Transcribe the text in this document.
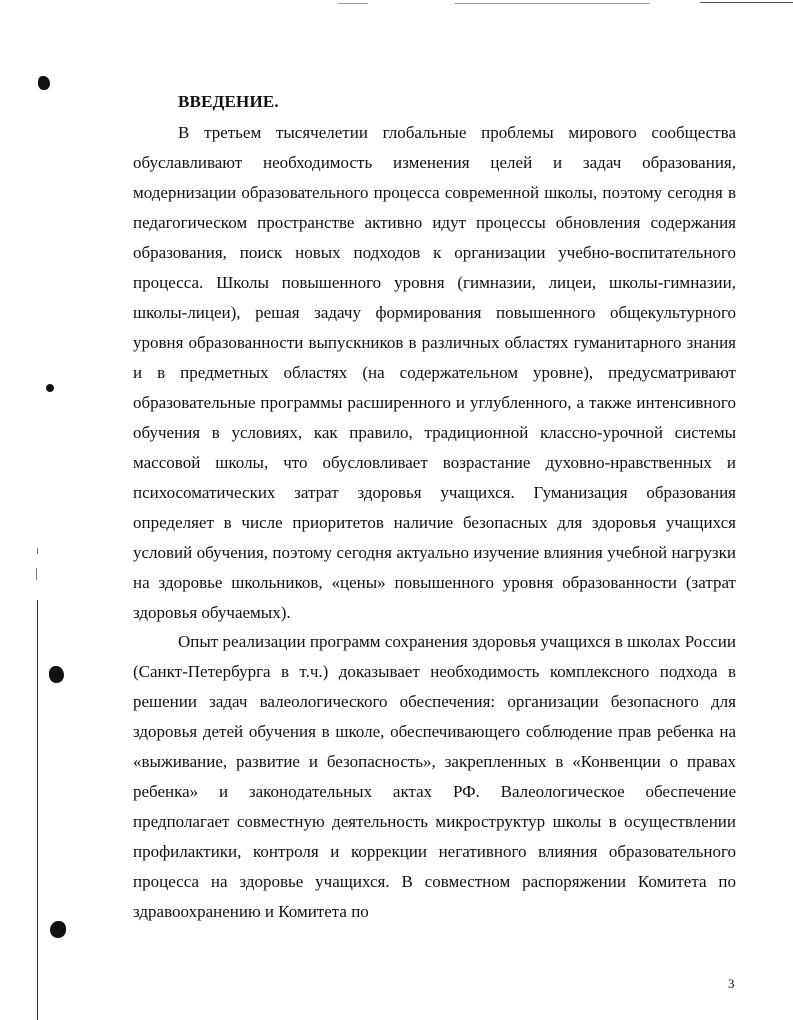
ВВЕДЕНИЕ.

В третьем тысячелетии глобальные проблемы мирового сообщества обуславливают необходимость изменения целей и задач образования, модернизации образовательного процесса современной школы, поэтому сегодня в педагогическом пространстве активно идут процессы обновления содержания образования, поиск новых подходов к организации учебно-воспитательного процесса. Школы повышенного уровня (гимназии, лицеи, школы-гимназии, школы-лицеи), решая задачу формирования повышенного общекультурного уровня образованности выпускников в различных областях гуманитарного знания и в предметных областях (на содержательном уровне), предусматривают образовательные программы расширенного и углубленного, а также интенсивного обучения в условиях, как правило, традиционной классно-урочной системы массовой школы, что обусловливает возрастание духовно-нравственных и психосоматических затрат здоровья учащихся. Гуманизация образования определяет в числе приоритетов наличие безопасных для здоровья учащихся условий обучения, поэтому сегодня актуально изучение влияния учебной нагрузки на здоровье школьников, «цены» повышенного уровня образованности (затрат здоровья обучаемых).

Опыт реализации программ сохранения здоровья учащихся в школах России (Санкт-Петербурга в т.ч.) доказывает необходимость комплексного подхода в решении задач валеологического обеспечения: организации безопасного для здоровья детей обучения в школе, обеспечивающего соблюдение прав ребенка на «выживание, развитие и безопасность», закрепленных в «Конвенции о правах ребенка» и законодательных актах РФ. Валеологическое обеспечение предполагает совместную деятельность микроструктур школы в осуществлении профилактики, контроля и коррекции негативного влияния образовательного процесса на здоровье учащихся. В совместном распоряжении Комитета по здравоохранению и Комитета по

3
